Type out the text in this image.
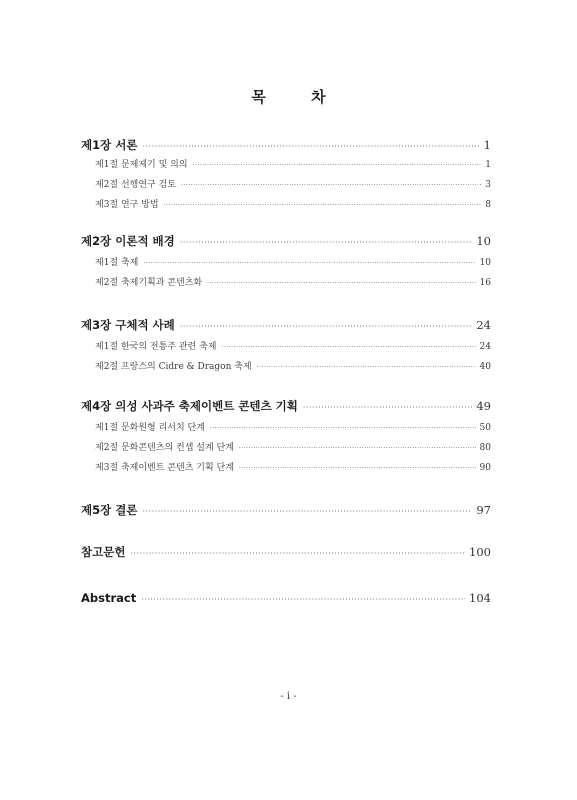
목 차
제1장 서론 ·····	1
제1절 문제제기 및 의의 ·····	1
제2절 선행연구 검토 ·····	3
제3절 연구 방법 ·····	8
제2장 이론적 배경 ·····	10
제1절 축제 ·····	10
제2절 축제기획과 콘텐츠화 ·····	16
제3장 구체적 사례 ·····	24
제1절 한국의 전통주 관련 축제 ·····	24
제2절 프랑스의 Cidre & Dragon 축제 ·····	40
제4장 의성 사과주 축제이벤트 콘텐츠 기획 ·····	49
제1절 문화원형 리서치 단계 ·····	50
제2절 문화콘텐츠의 컨셉 설계 단계 ·····	80
제3절 축제이벤트 콘텐츠 기획 단계 ·····	90
제5장 결론 ·····	97
참고문헌 ·····	100
Abstract ·····	104
- i -
